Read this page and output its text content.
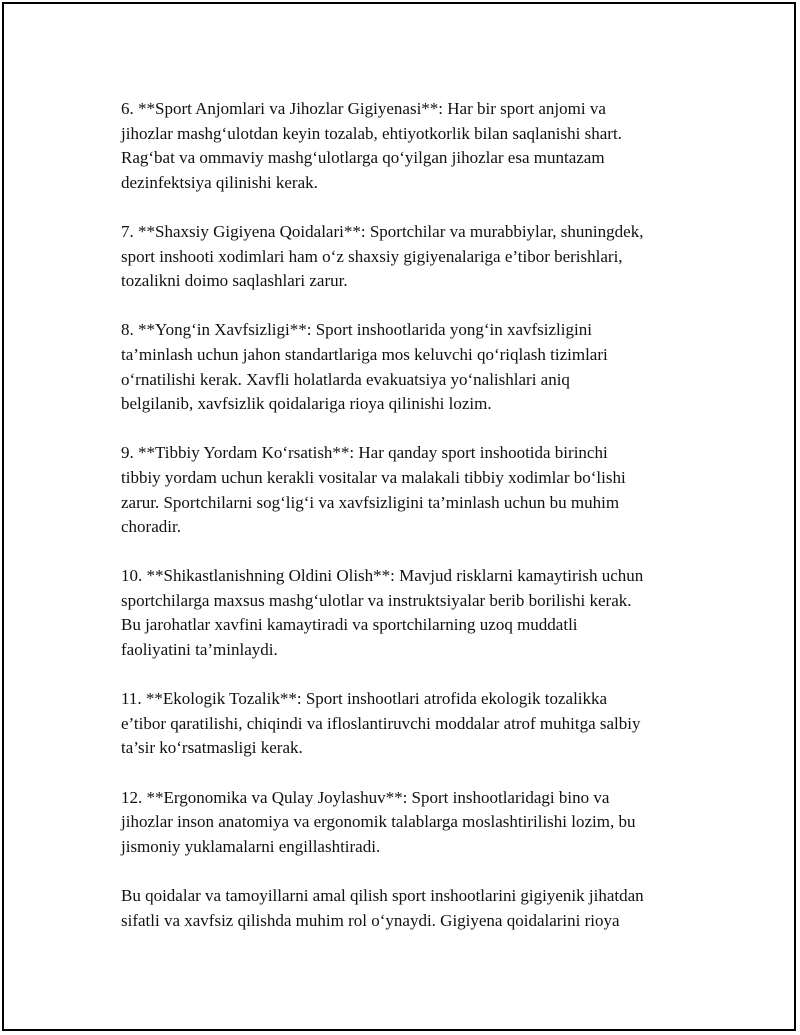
6. **Sport Anjomlari va Jihozlar Gigiyenasi**: Har bir sport anjomi va
jihozlar mashg‘ulotdan keyin tozalab, ehtiyotkorlik bilan saqlanishi shart.
Rag‘bat va ommaviy mashg‘ulotlarga qo‘yilgan jihozlar esa muntazam
dezinfektsiya qilinishi kerak.

7. **Shaxsiy Gigiyena Qoidalari**: Sportchilar va murabbiylar, shuningdek,
sport inshooti xodimlari ham o‘z shaxsiy gigiyenalariga e’tibor berishlari,
tozalikni doimo saqlashlari zarur.

8. **Yong‘in Xavfsizligi**: Sport inshootlarida yong‘in xavfsizligini
ta’minlash uchun jahon standartlariga mos keluvchi qo‘riqlash tizimlari
o‘rnatilishi kerak. Xavfli holatlarda evakuatsiya yo‘nalishlari aniq
belgilanib, xavfsizlik qoidalariga rioya qilinishi lozim.

9. **Tibbiy Yordam Ko‘rsatish**: Har qanday sport inshootida birinchi
tibbiy yordam uchun kerakli vositalar va malakali tibbiy xodimlar bo‘lishi
zarur. Sportchilarni sog‘lig‘i va xavfsizligini ta’minlash uchun bu muhim
choradir.

10. **Shikastlanishning Oldini Olish**: Mavjud risklarni kamaytirish uchun
sportchilarga maxsus mashg‘ulotlar va instruktsiyalar berib borilishi kerak.
Bu jarohatlar xavfini kamaytiradi va sportchilarning uzoq muddatli
faoliyatini ta’minlaydi.

11. **Ekologik Tozalik**: Sport inshootlari atrofida ekologik tozalikka
e’tibor qaratilishi, chiqindi va ifloslantiruvchi moddalar atrof muhitga salbiy
ta’sir ko‘rsatmasligi kerak.

12. **Ergonomika va Qulay Joylashuv**: Sport inshootlaridagi bino va
jihozlar inson anatomiya va ergonomik talablarga moslashtirilishi lozim, bu
jismoniy yuklamalarni engillashtiradi.

Bu qoidalar va tamoyillarni amal qilish sport inshootlarini gigiyenik jihatdan
sifatli va xavfsiz qilishda muhim rol o‘ynaydi. Gigiyena qoidalarini rioya
